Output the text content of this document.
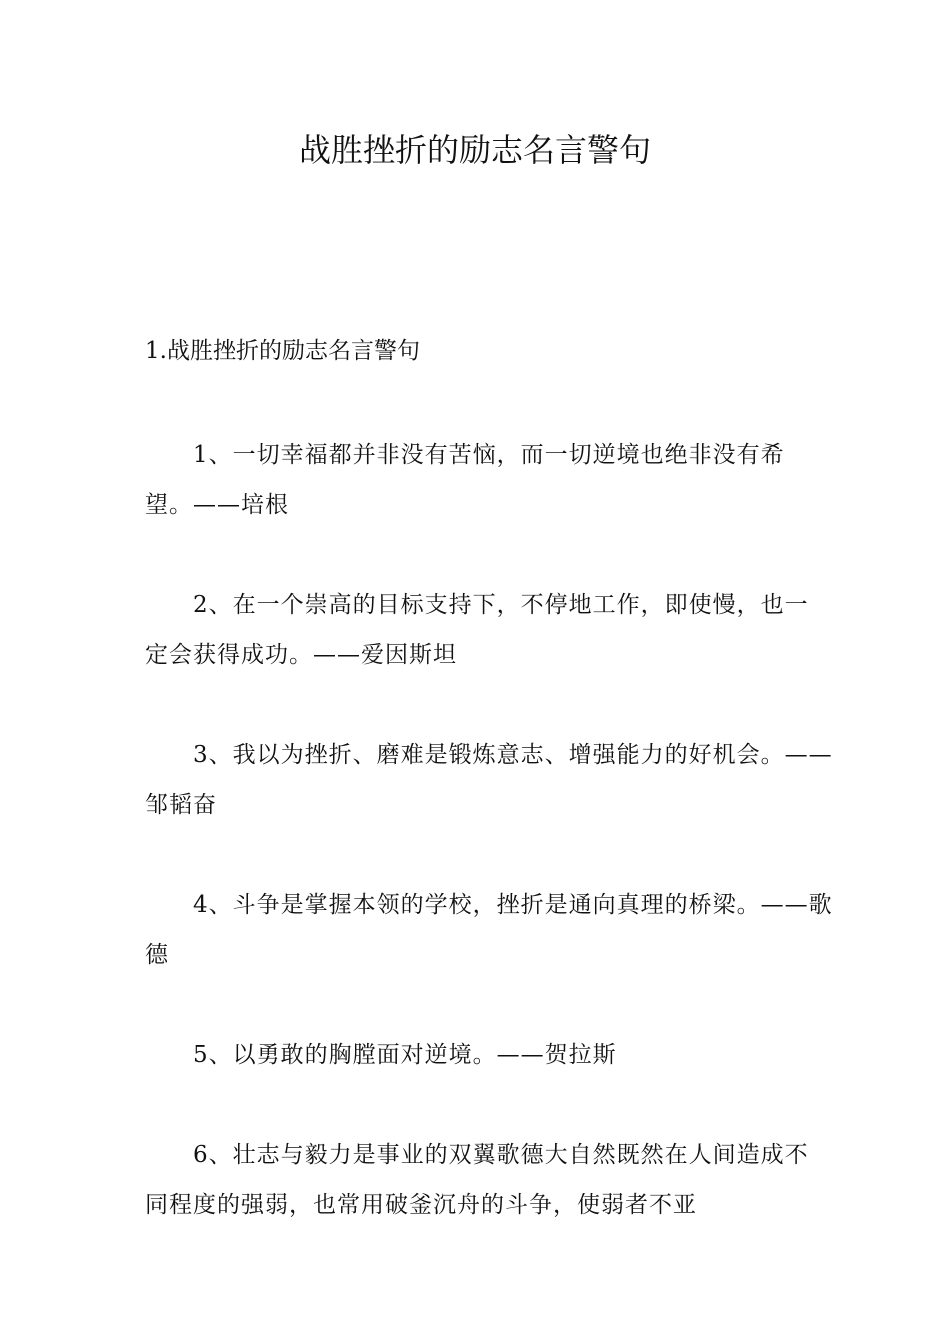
战胜挫折的励志名言警句
1.战胜挫折的励志名言警句
1、一切幸福都并非没有苦恼，而一切逆境也绝非没有希望。——培根
2、在一个崇高的目标支持下，不停地工作，即使慢，也一定会获得成功。——爱因斯坦
3、我以为挫折、磨难是锻炼意志、增强能力的好机会。——邹韬奋
4、斗争是掌握本领的学校，挫折是通向真理的桥梁。——歌德
5、以勇敢的胸膛面对逆境。——贺拉斯
6、壮志与毅力是事业的双翼歌德大自然既然在人间造成不同程度的强弱，也常用破釜沉舟的斗争，使弱者不亚
